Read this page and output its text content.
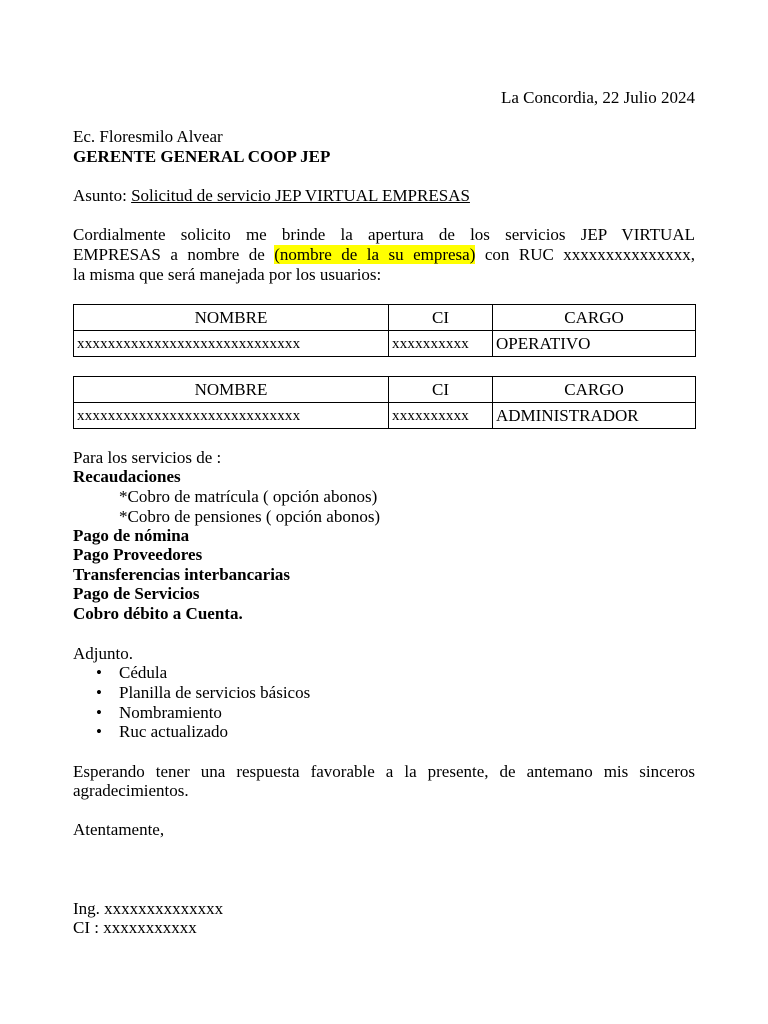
La Concordia, 22 Julio 2024
Ec. Floresmilo Alvear
GERENTE GENERAL COOP JEP
Asunto: Solicitud de servicio JEP VIRTUAL EMPRESAS
Cordialmente solicito me brinde la apertura de los servicios JEP VIRTUAL
EMPRESAS a nombre de (nombre de la su empresa) con RUC xxxxxxxxxxxxxxx,
la misma que será manejada por los usuarios:
NOMBRE	CI	CARGO
xxxxxxxxxxxxxxxxxxxxxxxxxxxxx	xxxxxxxxxx	OPERATIVO
NOMBRE	CI	CARGO
xxxxxxxxxxxxxxxxxxxxxxxxxxxxx	xxxxxxxxxx	ADMINISTRADOR
Para los servicios de :
Recaudaciones
*Cobro de matrícula ( opción abonos)
*Cobro de pensiones ( opción abonos)
Pago de nómina
Pago Proveedores
Transferencias interbancarias
Pago de Servicios
Cobro débito a Cuenta.
Adjunto.
• Cédula
• Planilla de servicios básicos
• Nombramiento
• Ruc actualizado
Esperando tener una respuesta favorable a la presente, de antemano mis sinceros
agradecimientos.
Atentamente,
Ing. xxxxxxxxxxxxxx
CI : xxxxxxxxxxx
